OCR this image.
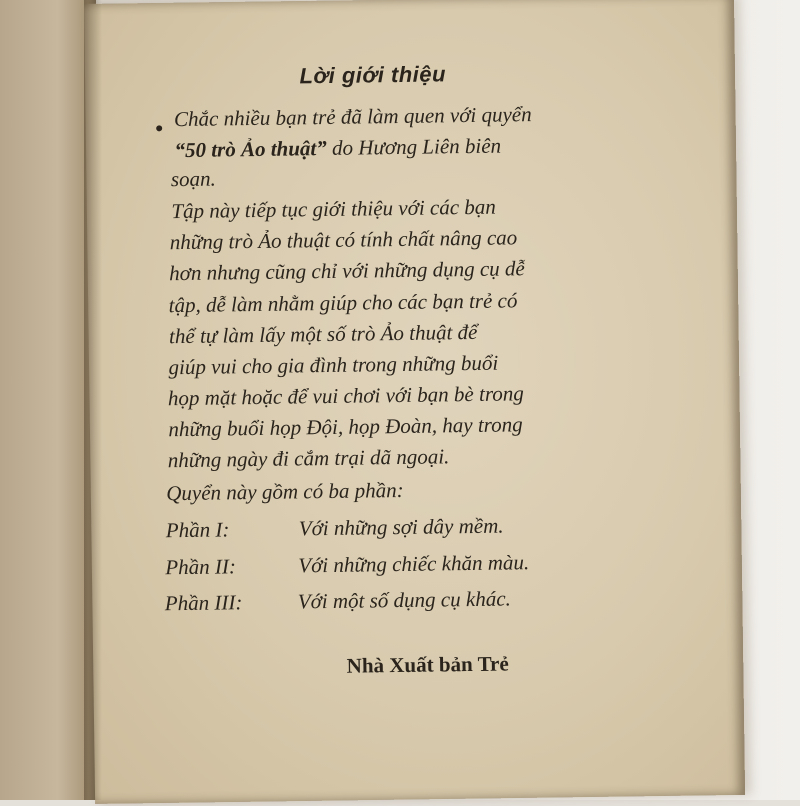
Lời giới thiệu
Chắc nhiều bạn trẻ đã làm quen với quyển
“50 trò Ảo thuật” do Hương Liên biên
soạn.
Tập này tiếp tục giới thiệu với các bạn
những trò Ảo thuật có tính chất nâng cao
hơn nhưng cũng chỉ với những dụng cụ dễ
tập, dễ làm nhằm giúp cho các bạn trẻ có
thể tự làm lấy một số trò Ảo thuật để
giúp vui cho gia đình trong những buổi
họp mặt hoặc để vui chơi với bạn bè trong
những buổi họp Đội, họp Đoàn, hay trong
những ngày đi cắm trại dã ngoại.
Quyển này gồm có ba phần:
Phần I:	Với những sợi dây mềm.
Phần II:	Với những chiếc khăn màu.
Phần III:	Với một số dụng cụ khác.
Nhà Xuất bản Trẻ
